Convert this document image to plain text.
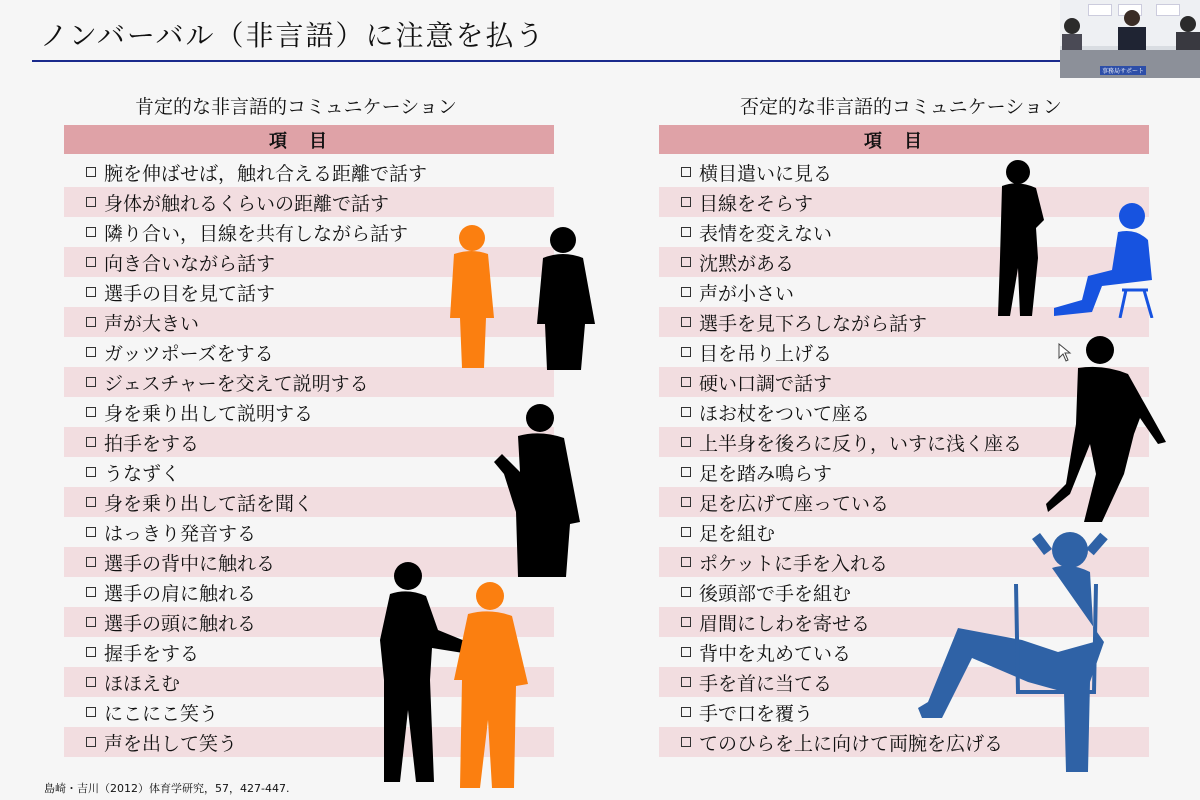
ノンバーバル（非言語）に注意を払う
事務局サポート
肯定的な非言語的コミュニケーション
項目
腕を伸ばせば，触れ合える距離で話す
身体が触れるくらいの距離で話す
隣り合い，目線を共有しながら話す
向き合いながら話す
選手の目を見て話す
声が大きい
ガッツポーズをする
ジェスチャーを交えて説明する
身を乗り出して説明する
拍手をする
うなずく
身を乗り出して話を聞く
はっきり発音する
選手の背中に触れる
選手の肩に触れる
選手の頭に触れる
握手をする
ほほえむ
にこにこ笑う
声を出して笑う
否定的な非言語的コミュニケーション
項目
横目遣いに見る
目線をそらす
表情を変えない
沈黙がある
声が小さい
選手を見下ろしながら話す
目を吊り上げる
硬い口調で話す
ほお杖をついて座る
上半身を後ろに反り，いすに浅く座る
足を踏み鳴らす
足を広げて座っている
足を組む
ポケットに手を入れる
後頭部で手を組む
眉間にしわを寄せる
背中を丸めている
手を首に当てる
手で口を覆う
てのひらを上に向けて両腕を広げる
島崎・吉川（2012）体育学研究，57，427-447.
